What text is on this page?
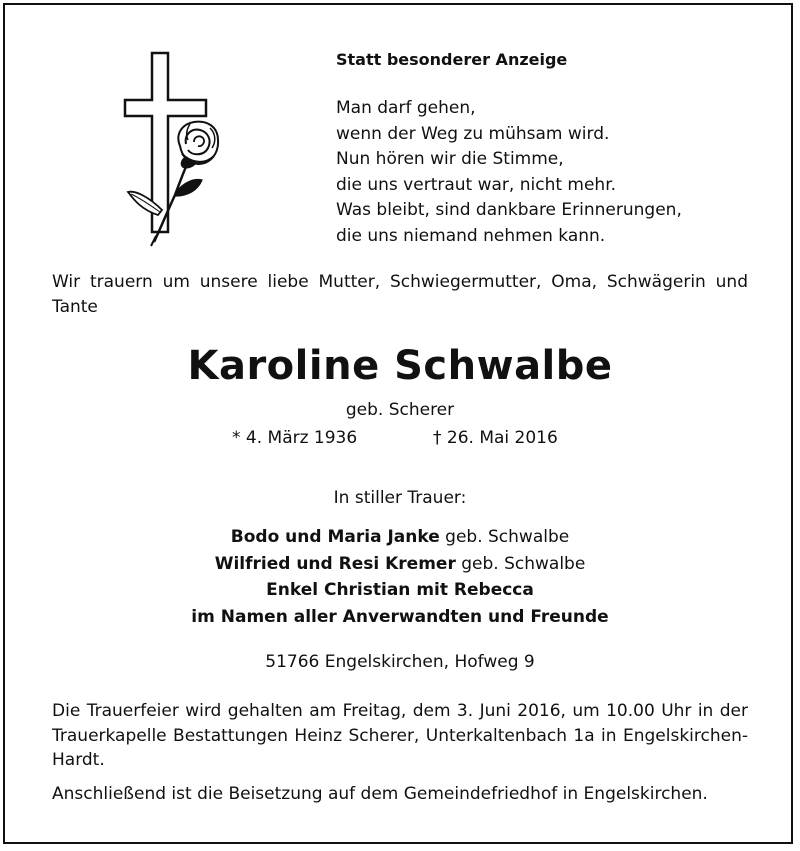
Statt besonderer Anzeige
Man darf gehen,
wenn der Weg zu mühsam wird.
Nun hören wir die Stimme,
die uns vertraut war, nicht mehr.
Was bleibt, sind dankbare Erinnerungen,
die uns niemand nehmen kann.
Wir trauern um unsere liebe Mutter, Schwiegermutter, Oma, Schwägerin und Tante
Karoline Schwalbe
geb. Scherer
* 4. März 1936	† 26. Mai 2016
In stiller Trauer:
Bodo und Maria Janke geb. Schwalbe
Wilfried und Resi Kremer geb. Schwalbe
Enkel Christian mit Rebecca
im Namen aller Anverwandten und Freunde
51766 Engelskirchen, Hofweg 9
Die Trauerfeier wird gehalten am Freitag, dem 3. Juni 2016, um 10.00 Uhr in der Trauerkapelle Bestattungen Heinz Scherer, Unterkaltenbach 1a in Engelskirchen-Hardt.
Anschließend ist die Beisetzung auf dem Gemeindefriedhof in Engelskirchen.
